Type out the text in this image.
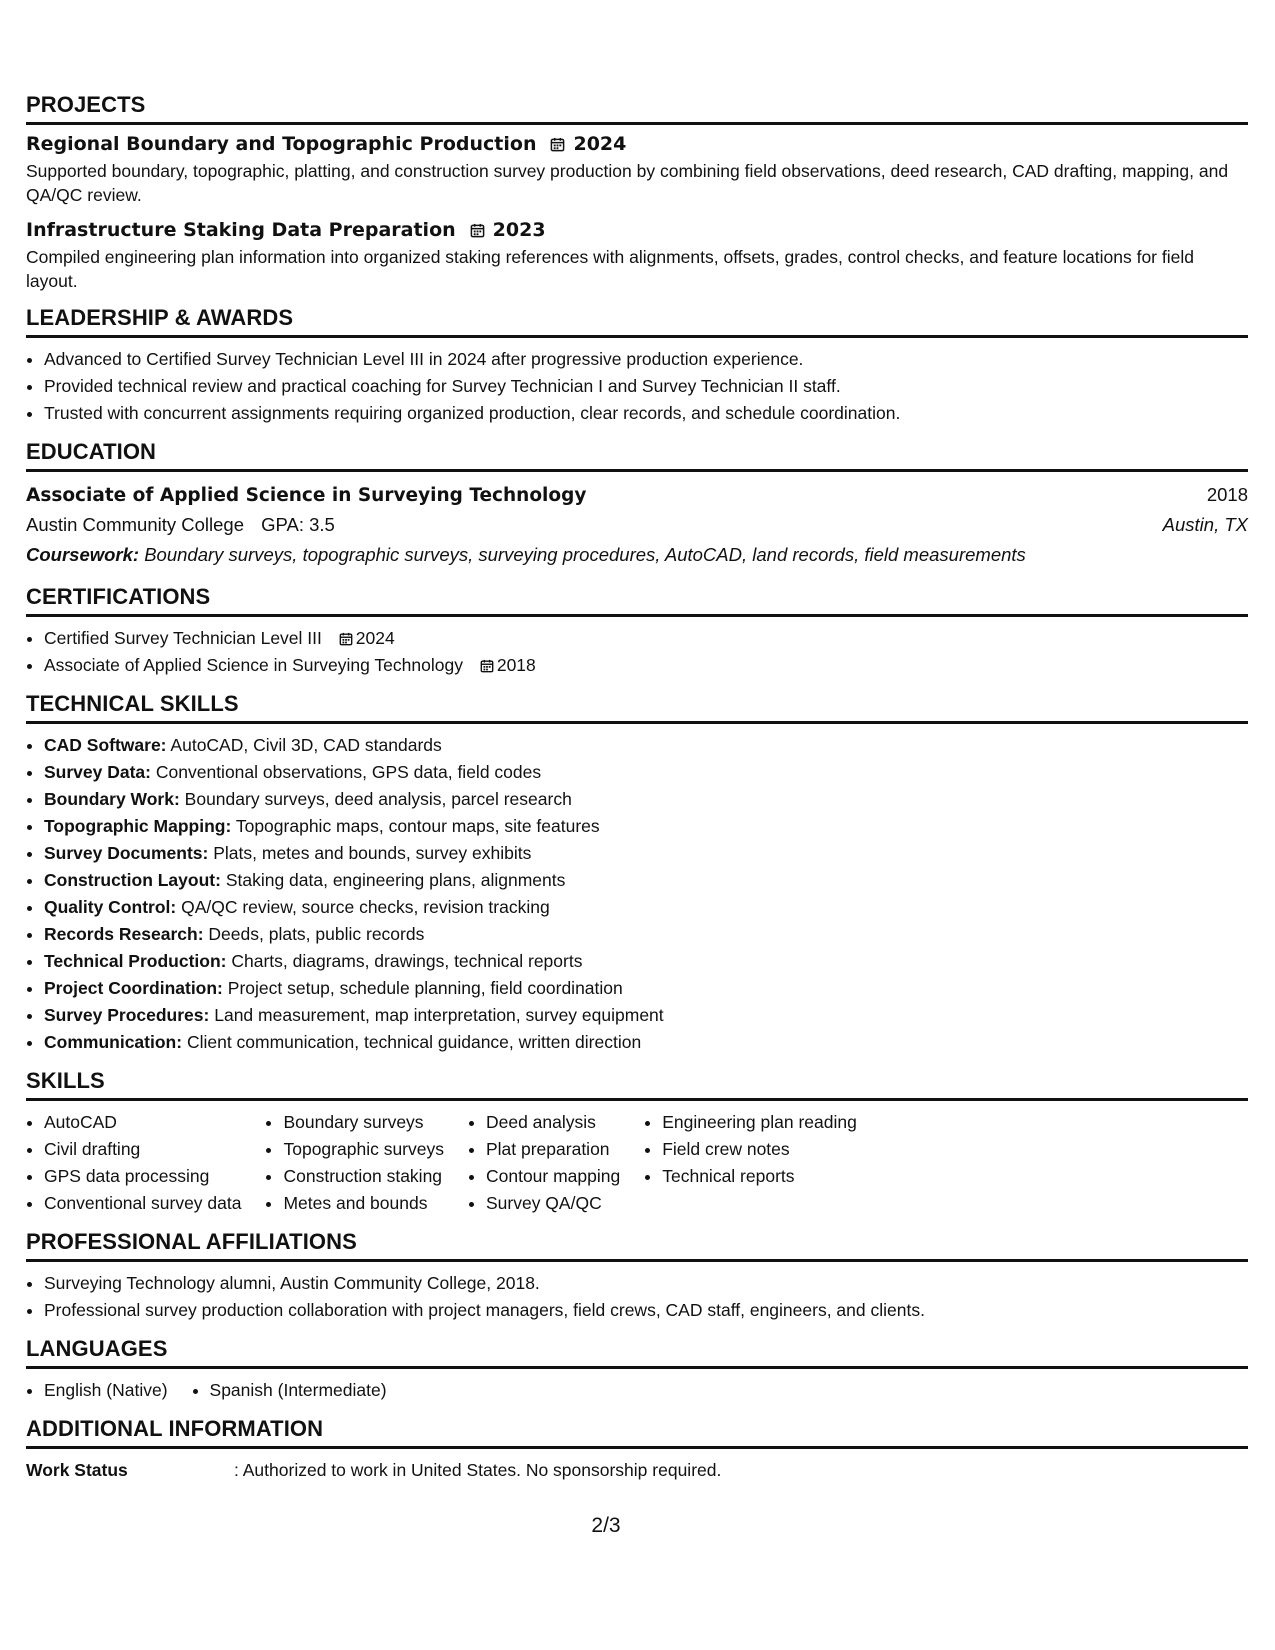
PROJECTS
Regional Boundary and Topographic Production 2024
Supported boundary, topographic, platting, and construction survey production by combining field observations, deed research, CAD drafting, mapping, and QA/QC review.
Infrastructure Staking Data Preparation 2023
Compiled engineering plan information into organized staking references with alignments, offsets, grades, control checks, and feature locations for field layout.
LEADERSHIP & AWARDS
• Advanced to Certified Survey Technician Level III in 2024 after progressive production experience.
• Provided technical review and practical coaching for Survey Technician I and Survey Technician II staff.
• Trusted with concurrent assignments requiring organized production, clear records, and schedule coordination.
EDUCATION
Associate of Applied Science in Surveying Technology	2018
Austin Community College GPA: 3.5	Austin, TX
Coursework: Boundary surveys, topographic surveys, surveying procedures, AutoCAD, land records, field measurements
CERTIFICATIONS
• Certified Survey Technician Level III 2024
• Associate of Applied Science in Surveying Technology 2018
TECHNICAL SKILLS
• CAD Software: AutoCAD, Civil 3D, CAD standards
• Survey Data: Conventional observations, GPS data, field codes
• Boundary Work: Boundary surveys, deed analysis, parcel research
• Topographic Mapping: Topographic maps, contour maps, site features
• Survey Documents: Plats, metes and bounds, survey exhibits
• Construction Layout: Staking data, engineering plans, alignments
• Quality Control: QA/QC review, source checks, revision tracking
• Records Research: Deeds, plats, public records
• Technical Production: Charts, diagrams, drawings, technical reports
• Project Coordination: Project setup, schedule planning, field coordination
• Survey Procedures: Land measurement, map interpretation, survey equipment
• Communication: Client communication, technical guidance, written direction
SKILLS
• AutoCAD
• Civil drafting
• GPS data processing
• Conventional survey data
• Boundary surveys
• Topographic surveys
• Construction staking
• Metes and bounds
• Deed analysis
• Plat preparation
• Contour mapping
• Survey QA/QC
• Engineering plan reading
• Field crew notes
• Technical reports
PROFESSIONAL AFFILIATIONS
• Surveying Technology alumni, Austin Community College, 2018.
• Professional survey production collaboration with project managers, field crews, CAD staff, engineers, and clients.
LANGUAGES
• English (Native)
• Spanish (Intermediate)
ADDITIONAL INFORMATION
Work Status	: Authorized to work in United States. No sponsorship required.
2/3
